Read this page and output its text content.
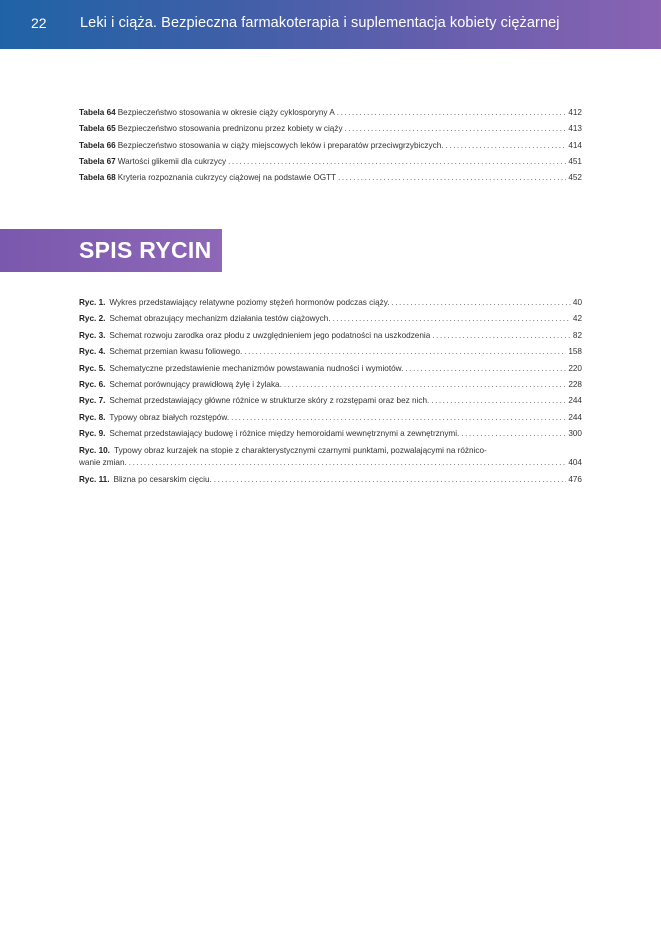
22 Leki i ciąża. Bezpieczna farmakoterapia i suplementacja kobiety ciężarnej
Tabela 64 Bezpieczeństwo stosowania w okresie ciąży cyklosporyny A .....	412
Tabela 65 Bezpieczeństwo stosowania prednizonu przez kobiety w ciąży .....	413
Tabela 66 Bezpieczeństwo stosowania w ciąży miejscowych leków i preparatów przeciwgrzybiczych. .....	414
Tabela 67 Wartości glikemii dla cukrzycy .....	451
Tabela 68 Kryteria rozpoznania cukrzycy ciążowej na podstawie OGTT .....	452
SPIS RYCIN
Ryc. 1. Wykres przedstawiający relatywne poziomy stężeń hormonów podczas ciąży. .....	40
Ryc. 2. Schemat obrazujący mechanizm działania testów ciążowych. .....	42
Ryc. 3. Schemat rozwoju zarodka oraz płodu z uwzględnieniem jego podatności na uszkodzenia .....	82
Ryc. 4. Schemat przemian kwasu foliowego. .....	158
Ryc. 5. Schematyczne przedstawienie mechanizmów powstawania nudności i wymiotów. .....	220
Ryc. 6. Schemat porównujący prawidłową żyłę i żylaka. .....	228
Ryc. 7. Schemat przedstawiający główne różnice w strukturze skóry z rozstępami oraz bez nich. .....	244
Ryc. 8. Typowy obraz białych rozstępów. .....	244
Ryc. 9. Schemat przedstawiający budowę i różnice między hemoroidami wewnętrznymi a zewnętrznymi. .....	300
Ryc. 10. Typowy obraz kurzajek na stopie z charakterystycznymi czarnymi punktami, pozwalającymi na różnico-
wanie zmian. .....	404
Ryc. 11. Blizna po cesarskim cięciu. .....	476
